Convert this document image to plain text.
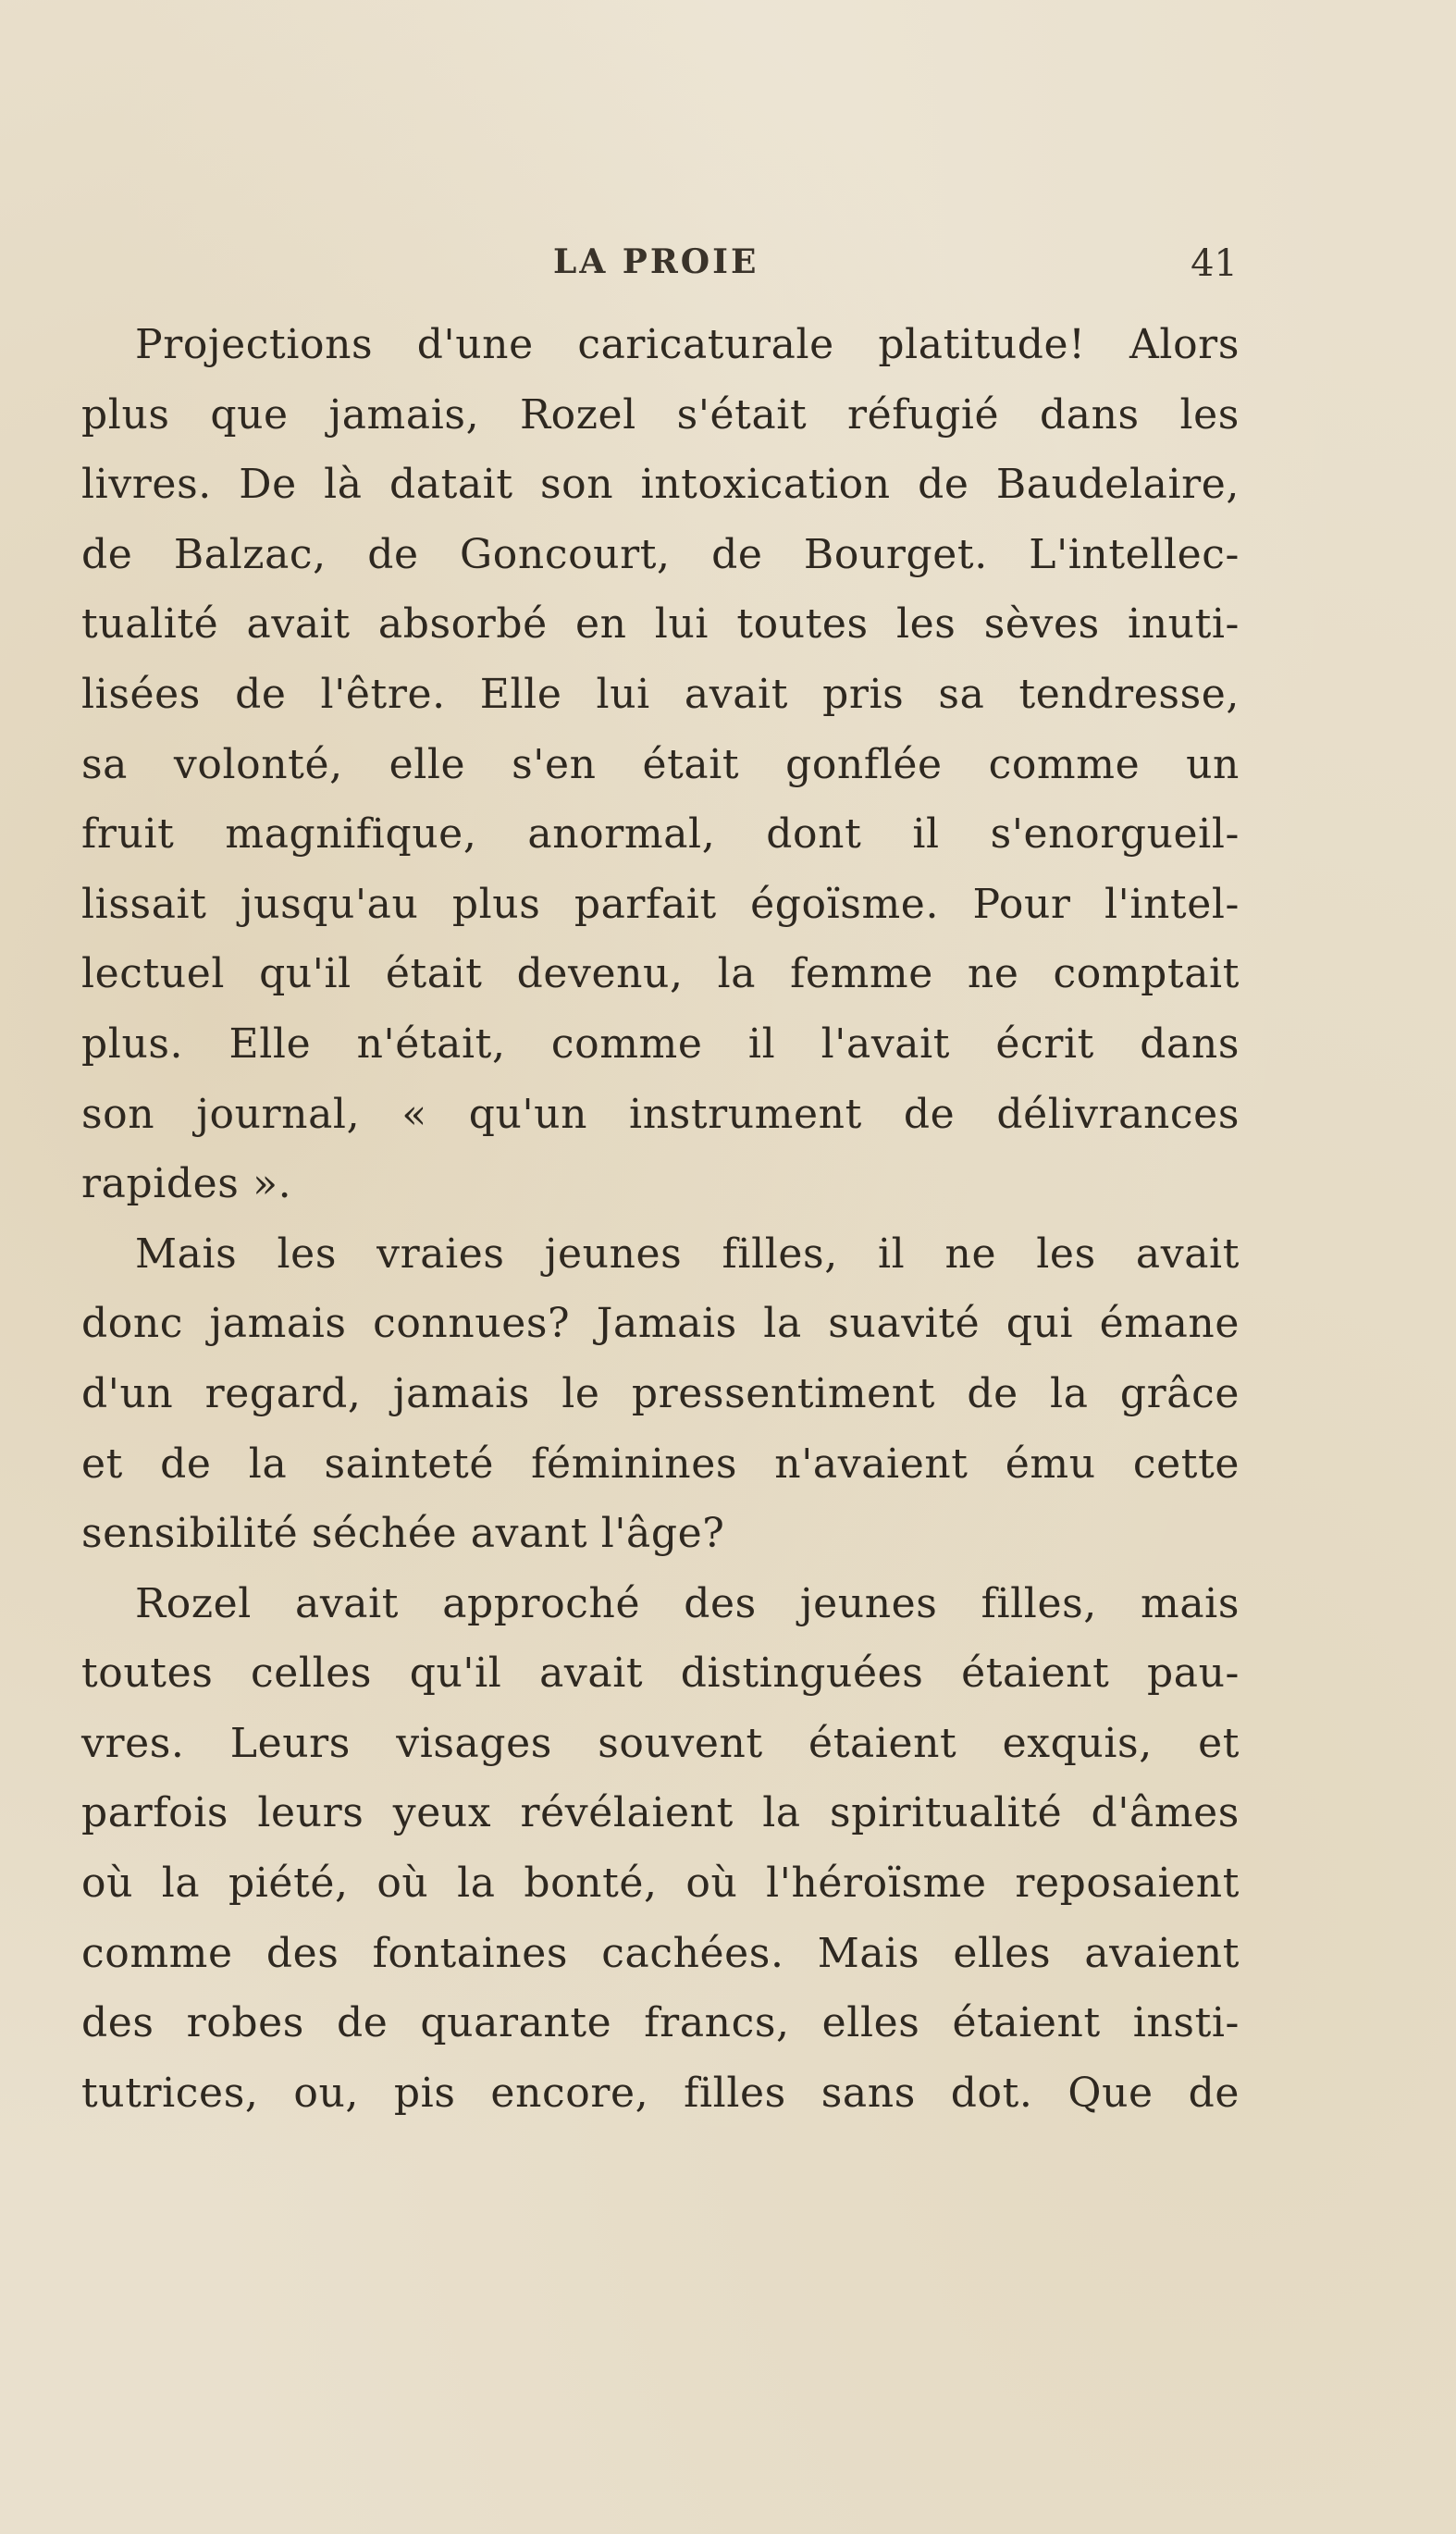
LA PROIE	41
Projections d'une caricaturale platitude! Alors
plus que jamais, Rozel s'était réfugié dans les
livres. De là datait son intoxication de Baudelaire,
de Balzac, de Goncourt, de Bourget. L'intellec-
tualité avait absorbé en lui toutes les sèves inuti-
lisées de l'être. Elle lui avait pris sa tendresse,
sa volonté, elle s'en était gonflée comme un
fruit magnifique, anormal, dont il s'enorgueil-
lissait jusqu'au plus parfait égoïsme. Pour l'intel-
lectuel qu'il était devenu, la femme ne comptait
plus. Elle n'était, comme il l'avait écrit dans
son journal, « qu'un instrument de délivrances
rapides ».
Mais les vraies jeunes filles, il ne les avait
donc jamais connues? Jamais la suavité qui émane
d'un regard, jamais le pressentiment de la grâce
et de la sainteté féminines n'avaient ému cette
sensibilité séchée avant l'âge?
Rozel avait approché des jeunes filles, mais
toutes celles qu'il avait distinguées étaient pau-
vres. Leurs visages souvent étaient exquis, et
parfois leurs yeux révélaient la spiritualité d'âmes
où la piété, où la bonté, où l'héroïsme reposaient
comme des fontaines cachées. Mais elles avaient
des robes de quarante francs, elles étaient insti-
tutrices, ou, pis encore, filles sans dot. Que de
